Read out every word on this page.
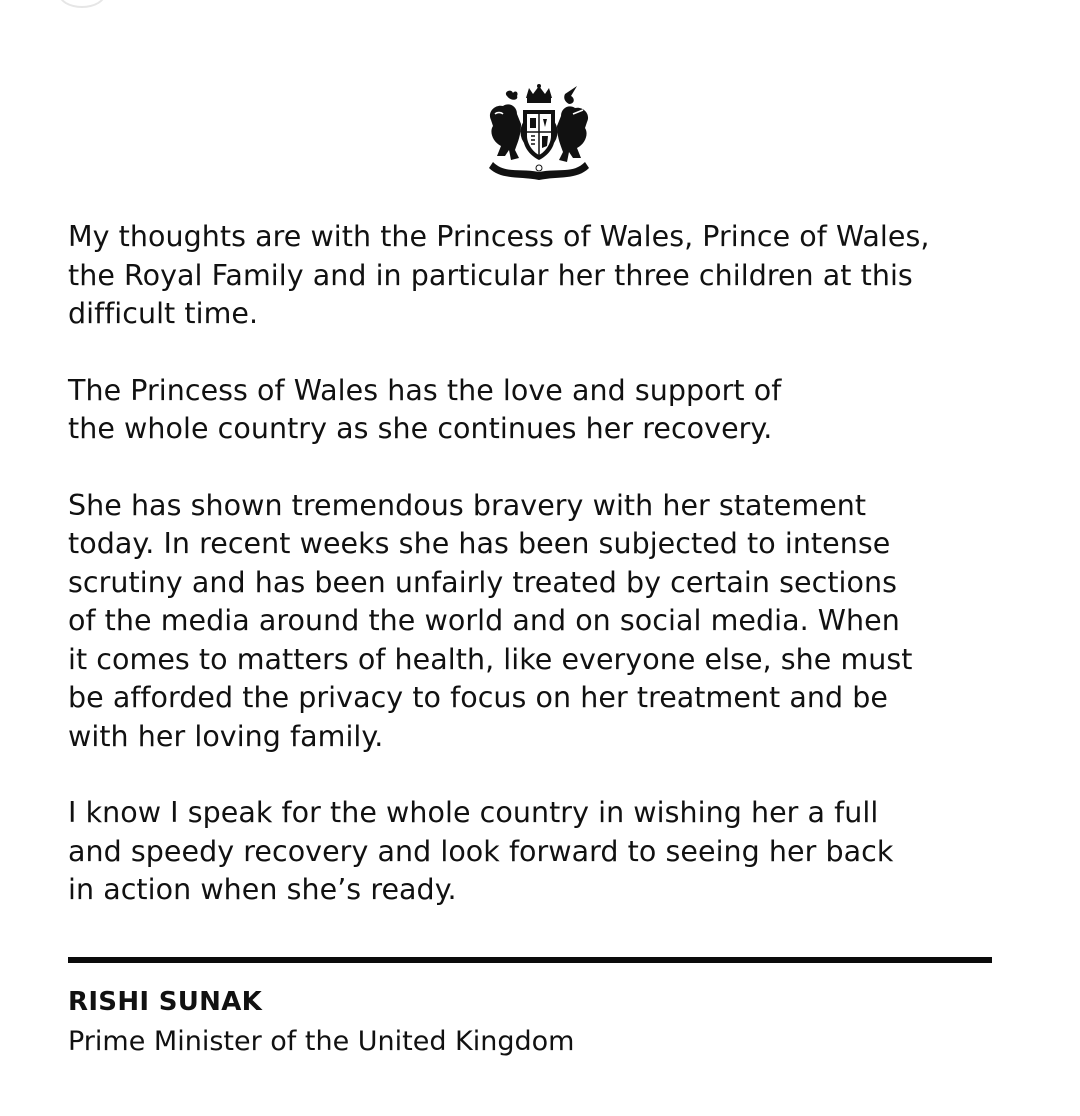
My thoughts are with the Princess of Wales, Prince of Wales,
the Royal Family and in particular her three children at this
difficult time.

The Princess of Wales has the love and support of
the whole country as she continues her recovery.

She has shown tremendous bravery with her statement
today. In recent weeks she has been subjected to intense
scrutiny and has been unfairly treated by certain sections
of the media around the world and on social media. When
it comes to matters of health, like everyone else, she must
be afforded the privacy to focus on her treatment and be
with her loving family.

I know I speak for the whole country in wishing her a full
and speedy recovery and look forward to seeing her back
in action when she’s ready.

RISHI SUNAK
Prime Minister of the United Kingdom
